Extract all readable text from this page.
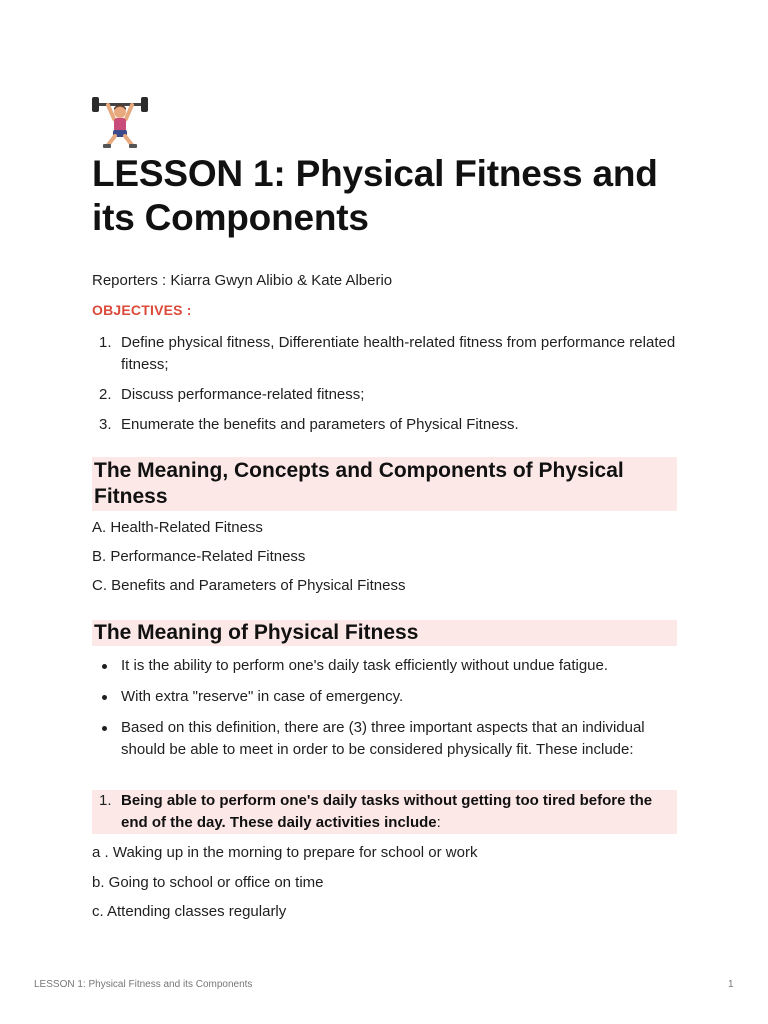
LESSON 1: Physical Fitness and its Components
Reporters : Kiarra Gwyn Alibio & Kate Alberio
OBJECTIVES :
1. Define physical fitness, Differentiate health-related fitness from performance related fitness;
2. Discuss performance-related fitness;
3. Enumerate the benefits and parameters of Physical Fitness.
The Meaning, Concepts and Components of Physical Fitness
A. Health-Related Fitness
B. Performance-Related Fitness
C. Benefits and Parameters of Physical Fitness
The Meaning of Physical Fitness
It is the ability to perform one's daily task efficiently without undue fatigue.
With extra "reserve" in case of emergency.
Based on this definition, there are (3) three important aspects that an individual should be able to meet in order to be considered physically fit. These include:
1. Being able to perform one's daily tasks without getting too tired before the end of the day. These daily activities include:
a . Waking up in the morning to prepare for school or work
b. Going to school or office on time
c. Attending classes regularly
LESSON 1: Physical Fitness and its Components	1
